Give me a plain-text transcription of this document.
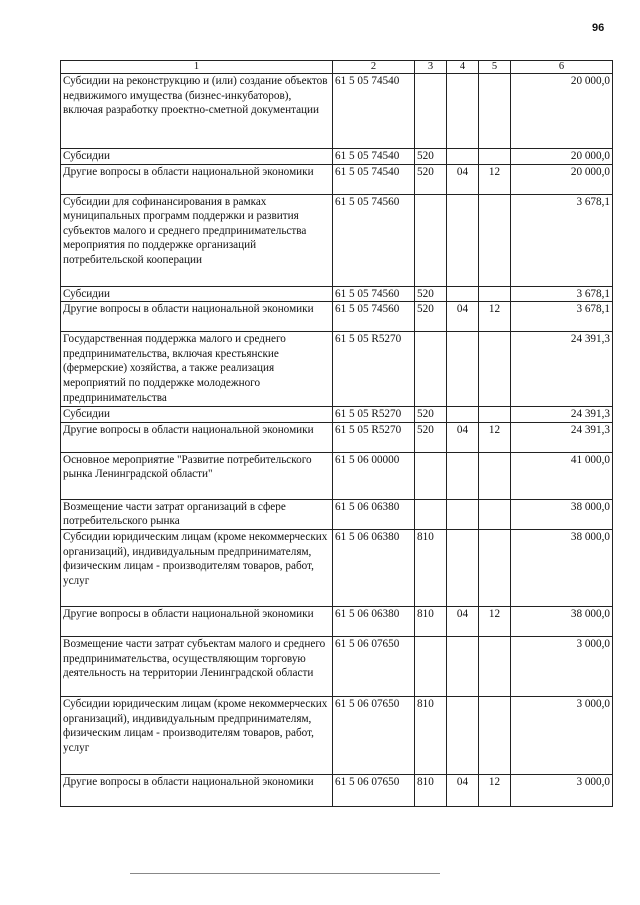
96
1	2	3	4	5	6
Субсидии на реконструкцию и (или) создание объектов недвижимого имущества (бизнес-инкубаторов), включая разработку проектно-сметной документации	61 5 05 74540				20 000,0
Субсидии	61 5 05 74540	520			20 000,0
Другие вопросы в области национальной экономики	61 5 05 74540	520	04	12	20 000,0
Субсидии для софинансирования в рамках муниципальных программ поддержки и развития субъектов малого и среднего предпринимательства мероприятия по поддержке организаций потребительской кооперации	61 5 05 74560				3 678,1
Субсидии	61 5 05 74560	520			3 678,1
Другие вопросы в области национальной экономики	61 5 05 74560	520	04	12	3 678,1
Государственная поддержка малого и среднего предпринимательства, включая крестьянские (фермерские) хозяйства, а также реализация мероприятий по поддержке молодежного предпринимательства	61 5 05 R5270				24 391,3
Субсидии	61 5 05 R5270	520			24 391,3
Другие вопросы в области национальной экономики	61 5 05 R5270	520	04	12	24 391,3
Основное мероприятие "Развитие потребительского рынка Ленинградской области"	61 5 06 00000				41 000,0
Возмещение части затрат организаций в сфере потребительского рынка	61 5 06 06380				38 000,0
Субсидии юридическим лицам (кроме некоммерческих организаций), индивидуальным предпринимателям, физическим лицам - производителям товаров, работ, услуг	61 5 06 06380	810			38 000,0
Другие вопросы в области национальной экономики	61 5 06 06380	810	04	12	38 000,0
Возмещение части затрат субъектам малого и среднего предпринимательства, осуществляющим торговую деятельность на территории Ленинградской области	61 5 06 07650				3 000,0
Субсидии юридическим лицам (кроме некоммерческих организаций), индивидуальным предпринимателям, физическим лицам - производителям товаров, работ, услуг	61 5 06 07650	810			3 000,0
Другие вопросы в области национальной экономики	61 5 06 07650	810	04	12	3 000,0
